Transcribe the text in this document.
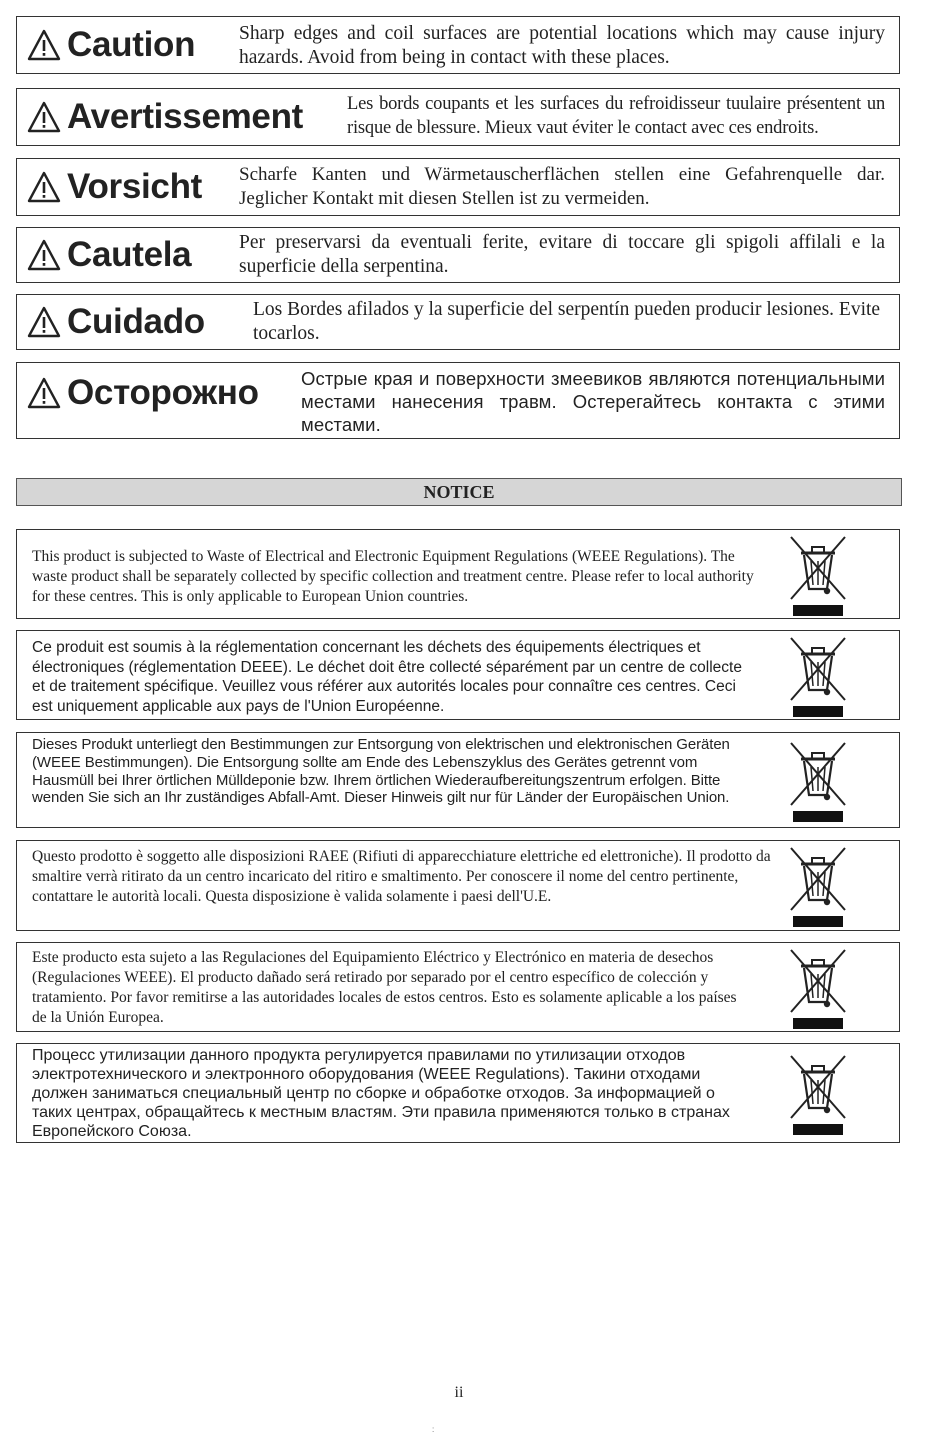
Caution Sharp edges and coil surfaces are potential locations which may cause injury hazards. Avoid from being in contact with these places.
Avertissement Les bords coupants et les surfaces du refroidisseur tuulaire présentent un risque de blessure. Mieux vaut éviter le contact avec ces endroits.
Vorsicht Scharfe Kanten und Wärmetauscherflächen stellen eine Gefahrenquelle dar. Jeglicher Kontakt mit diesen Stellen ist zu vermeiden.
Cautela Per preservarsi da eventuali ferite, evitare di toccare gli spigoli affilali e la superficie della serpentina.
Cuidado Los Bordes afilados y la superficie del serpentín pueden producir lesiones. Evite tocarlos.
Осторожно Острые края и поверхности змеевиков являются потенциальными местами нанесения травм. Остерегайтесь контакта с этими местами.
NOTICE
This product is subjected to Waste of Electrical and Electronic Equipment Regulations (WEEE Regulations). The waste product shall be separately collected by specific collection and treatment centre. Please refer to local authority for these centres. This is only applicable to European Union countries.
Ce produit est soumis à la réglementation concernant les déchets des équipements électriques et électroniques (réglementation DEEE). Le déchet doit être collecté séparément par un centre de collecte et de traitement spécifique. Veuillez vous référer aux autorités locales pour connaître ces centres. Ceci est uniquement applicable aux pays de l'Union Européenne.
Dieses Produkt unterliegt den Bestimmungen zur Entsorgung von elektrischen und elektronischen Geräten (WEEE Bestimmungen). Die Entsorgung sollte am Ende des Lebenszyklus des Gerätes getrennt vom Hausmüll bei Ihrer örtlichen Mülldeponie bzw. Ihrem örtlichen Wiederaufbereitungszentrum erfolgen. Bitte wenden Sie sich an Ihr zuständiges Abfall-Amt. Dieser Hinweis gilt nur für Länder der Europäischen Union.
Questo prodotto è soggetto alle disposizioni RAEE (Rifiuti di apparecchiature elettriche ed elettroniche). Il prodotto da smaltire verrà ritirato da un centro incaricato del ritiro e smaltimento. Per conoscere il nome del centro pertinente, contattare le autorità locali. Questa disposizione è valida solamente i paesi dell'U.E.
Este producto esta sujeto a las Regulaciones del Equipamiento Eléctrico y Electrónico en materia de desechos (Regulaciones WEEE). El producto dañado será retirado por separado por el centro específico de colección y tratamiento. Por favor remitirse a las autoridades locales de estos centros. Esto es solamente aplicable a los países de la Unión Europea.
Процесс утилизации данного продукта регулируется правилами по утилизации отходов электротехнического и электронного оборудования (WEEE Regulations). Такини отходами должен заниматься специальный центр по сборке и обработке отходов. За информацией о таких центрах, обращайтесь к местным властям. Эти правила применяются только в странах Европейского Союза.
ii
:
